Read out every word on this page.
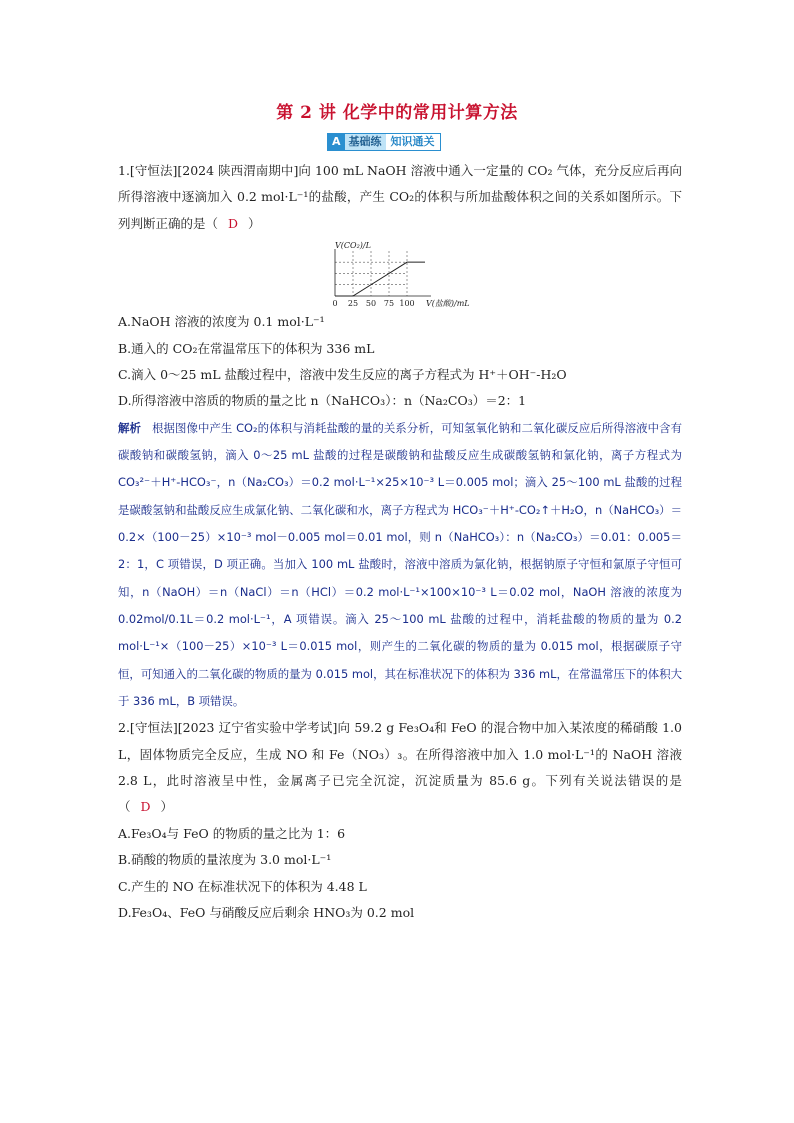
第 2 讲 化学中的常用计算方法
A 基础练 知识通关

1.[守恒法][2024 陕西渭南期中]向 100 mL NaOH 溶液中通入一定量的 CO₂ 气体，充分反应后再向所得溶液中逐滴加入 0.2 mol·L⁻¹的盐酸，产生 CO₂的体积与所加盐酸体积之间的关系如图所示。下列判断正确的是（ D ）

0 25 50 75 100
V(CO₂)/L
V(盐酸)/mL

A.NaOH 溶液的浓度为 0.1 mol·L⁻¹

B.通入的 CO₂在常温常压下的体积为 336 mL

C.滴入 0～25 mL 盐酸过程中，溶液中发生反应的离子方程式为 H⁺＋OH⁻-H₂O

D.所得溶液中溶质的物质的量之比 n（NaHCO₃）：n（Na₂CO₃）＝2：1

解析 根据图像中产生 CO₂的体积与消耗盐酸的量的关系分析，可知氢氧化钠和二氧化碳反应后所得溶液中含有碳酸钠和碳酸氢钠，滴入 0～25 mL 盐酸的过程是碳酸钠和盐酸反应生成碳酸氢钠和氯化钠，离子方程式为 CO₃²⁻＋H⁺-HCO₃⁻，n（Na₂CO₃）＝0.2 mol·L⁻¹×25×10⁻³ L＝0.005 mol；滴入 25～100 mL 盐酸的过程是碳酸氢钠和盐酸反应生成氯化钠、二氧化碳和水，离子方程式为 HCO₃⁻＋H⁺-CO₂↑＋H₂O，n（NaHCO₃）＝0.2×（100－25）×10⁻³ mol－0.005 mol＝0.01 mol，则 n（NaHCO₃）：n（Na₂CO₃）＝0.01：0.005＝2：1，C 项错误，D 项正确。当加入 100 mL 盐酸时，溶液中溶质为氯化钠，根据钠原子守恒和氯原子守恒可知，n（NaOH）＝n（NaCl）＝n（HCl）＝0.2 mol·L⁻¹×100×10⁻³ L＝0.02 mol，NaOH 溶液的浓度为 0.02mol/0.1L＝0.2 mol·L⁻¹，A 项错误。滴入 25～100 mL 盐酸的过程中，消耗盐酸的物质的量为 0.2 mol·L⁻¹×（100－25）×10⁻³ L＝0.015 mol，则产生的二氧化碳的物质的量为 0.015 mol，根据碳原子守恒，可知通入的二氧化碳的物质的量为 0.015 mol，其在标准状况下的体积为 336 mL，在常温常压下的体积大于 336 mL，B 项错误。

2.[守恒法][2023 辽宁省实验中学考试]向 59.2 g Fe₃O₄和 FeO 的混合物中加入某浓度的稀硝酸 1.0 L，固体物质完全反应，生成 NO 和 Fe（NO₃）₃。在所得溶液中加入 1.0 mol·L⁻¹的 NaOH 溶液 2.8 L，此时溶液呈中性，金属离子已完全沉淀，沉淀质量为 85.6 g。下列有关说法错误的是（ D ）

A.Fe₃O₄与 FeO 的物质的量之比为 1：6

B.硝酸的物质的量浓度为 3.0 mol·L⁻¹

C.产生的 NO 在标准状况下的体积为 4.48 L

D.Fe₃O₄、FeO 与硝酸反应后剩余 HNO₃为 0.2 mol
